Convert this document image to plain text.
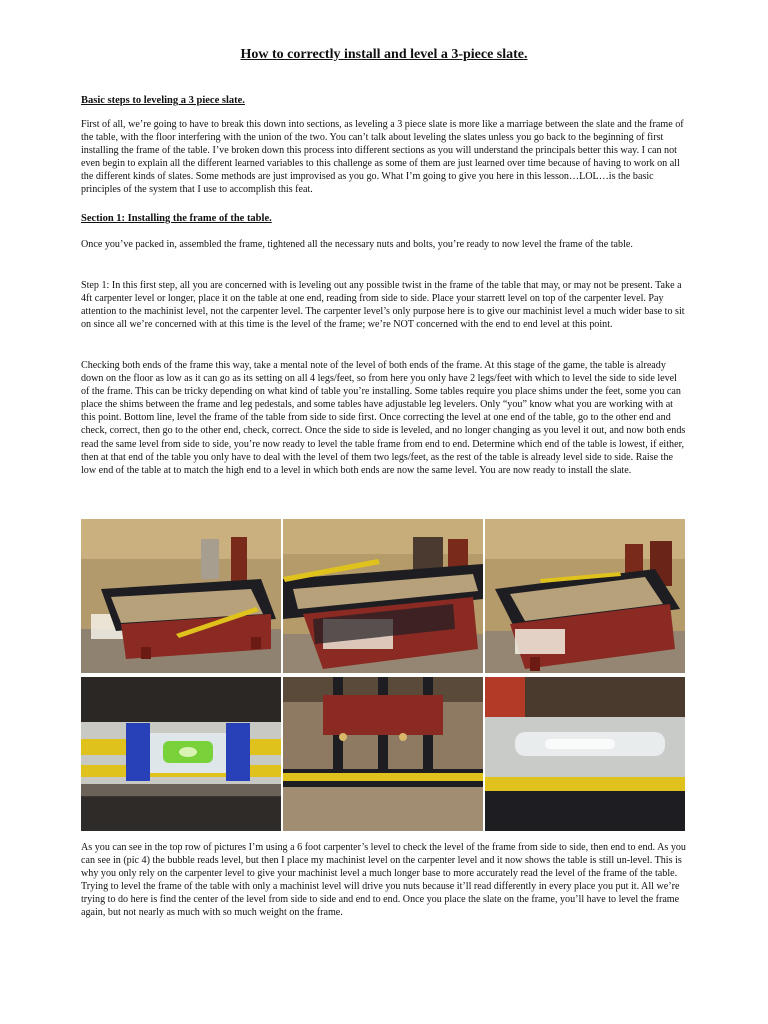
How to correctly install and level a 3-piece slate.

Basic steps to leveling a 3 piece slate.

First of all, we’re going to have to break this down into sections, as leveling a 3 piece slate is more like a marriage between the slate and the frame of the table, with the floor interfering with the union of the two. You can’t talk about leveling the slates unless you go back to the beginning of first installing the frame of the table. I’ve broken down this process into different sections as you will understand the principals better this way. I can not even begin to explain all the different learned variables to this challenge as some of them are just learned over time because of having to work on all the different kinds of slates. Some methods are just improvised as you go. What I’m going to give you here in this lesson…LOL…is the basic principles of the system that I use to accomplish this feat.

Section 1: Installing the frame of the table.

Once you’ve packed in, assembled the frame, tightened all the necessary nuts and bolts, you’re ready to now level the frame of the table.

Step 1: In this first step, all you are concerned with is leveling out any possible twist in the frame of the table that may, or may not be present. Take a 4ft carpenter level or longer, place it on the table at one end, reading from side to side. Place your starrett level on top of the carpenter level. Pay attention to the machinist level, not the carpenter level. The carpenter level’s only purpose here is to give our machinist level a much wider base to sit on since all we’re concerned with at this time is the level of the frame; we’re NOT concerned with the end to end level at this point.

Checking both ends of the frame this way, take a mental note of the level of both ends of the frame. At this stage of the game, the table is already down on the floor as low as it can go as its setting on all 4 legs/feet, so from here you only have 2 legs/feet with which to level the side to side level of the frame. This can be tricky depending on what kind of table you’re installing. Some tables require you place shims under the feet, some you can place the shims between the frame and leg pedestals, and some tables have adjustable leg levelers. Only “you” know what you are working with at this point. Bottom line, level the frame of the table from side to side first. Once correcting the level at one end of the table, go to the other end and check, correct, then go to the other end, check, correct. Once the side to side is leveled, and no longer changing as you level it out, and now both ends read the same level from side to side, you’re now ready to level the table frame from end to end. Determine which end of the table is lowest, if either, then at that end of the table you only have to deal with the level of them two legs/feet, as the rest of the table is already level side to side. Raise the low end of the table at to match the high end to a level in which both ends are now the same level. You are now ready to install the slate.

As you can see in the top row of pictures I’m using a 6 foot carpenter’s level to check the level of the frame from side to side, then end to end. As you can see in (pic 4) the bubble reads level, but then I place my machinist level on the carpenter level and it now shows the table is still un-level. This is why you only rely on the carpenter level to give your machinist level a much longer base to more accurately read the level of the frame of the table. Trying to level the frame of the table with only a machinist level will drive you nuts because it’ll read differently in every place you put it. All we’re trying to do here is find the center of the level from side to side and end to end. Once you place the slate on the frame, you’ll have to level the frame again, but not nearly as much with so much weight on the frame.
